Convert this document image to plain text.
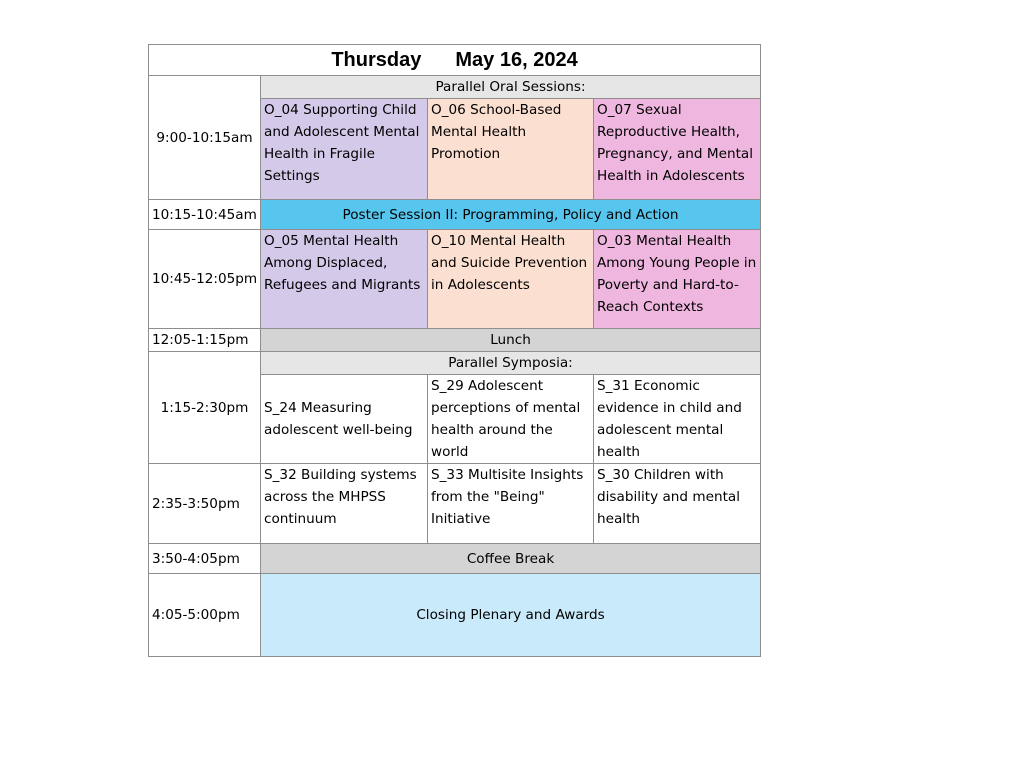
Thursday May 16, 2024			
9:00-10:15am	Parallel Oral Sessions:		
	O_04 Supporting Child and Adolescent Mental Health in Fragile Settings	O_06 School-Based Mental Health Promotion	O_07 Sexual Reproductive Health, Pregnancy, and Mental Health in Adolescents
10:15-10:45am	Poster Session II: Programming, Policy and Action		
10:45-12:05pm	O_05 Mental Health Among Displaced, Refugees and Migrants	O_10 Mental Health and Suicide Prevention in Adolescents	O_03 Mental Health Among Young People in Poverty and Hard-to-Reach Contexts
12:05-1:15pm	Lunch		
1:15-2:30pm	Parallel Symposia:		
	S_24 Measuring adolescent well-being	S_29 Adolescent perceptions of mental health around the world	S_31 Economic evidence in child and adolescent mental health
2:35-3:50pm	S_32 Building systems across the MHPSS continuum	S_33 Multisite Insights from the "Being" Initiative	S_30 Children with disability and mental health
3:50-4:05pm	Coffee Break		
4:05-5:00pm	Closing Plenary and Awards		
